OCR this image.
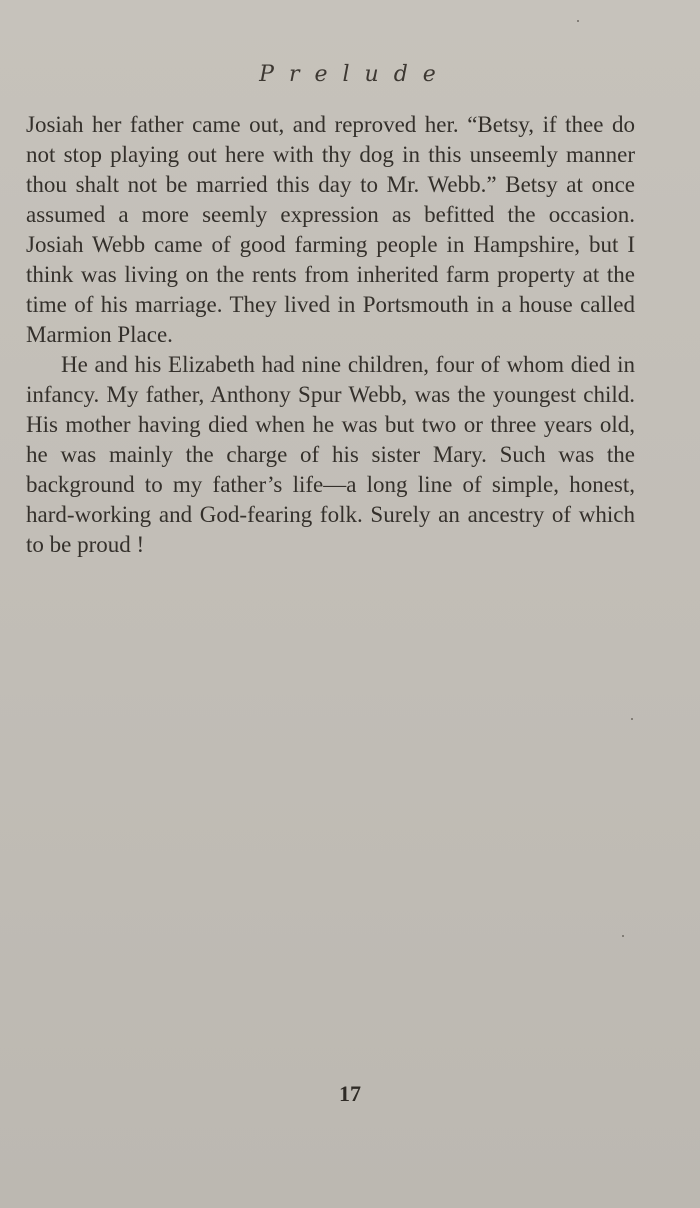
Prelude

Josiah her father came out, and reproved her. “Betsy, if thee do not stop playing out here with thy dog in this unseemly manner thou shalt not be married this day to Mr. Webb.” Betsy at once assumed a more seemly expression as befitted the occasion. Josiah Webb came of good farming people in Hampshire, but I think was living on the rents from inherited farm property at the time of his marriage. They lived in Portsmouth in a house called Marmion Place.

He and his Elizabeth had nine children, four of whom died in infancy. My father, Anthony Spur Webb, was the youngest child. His mother having died when he was but two or three years old, he was mainly the charge of his sister Mary. Such was the background to my father’s life—a long line of simple, honest, hard-working and God-fearing folk. Surely an ancestry of which to be proud !

17
